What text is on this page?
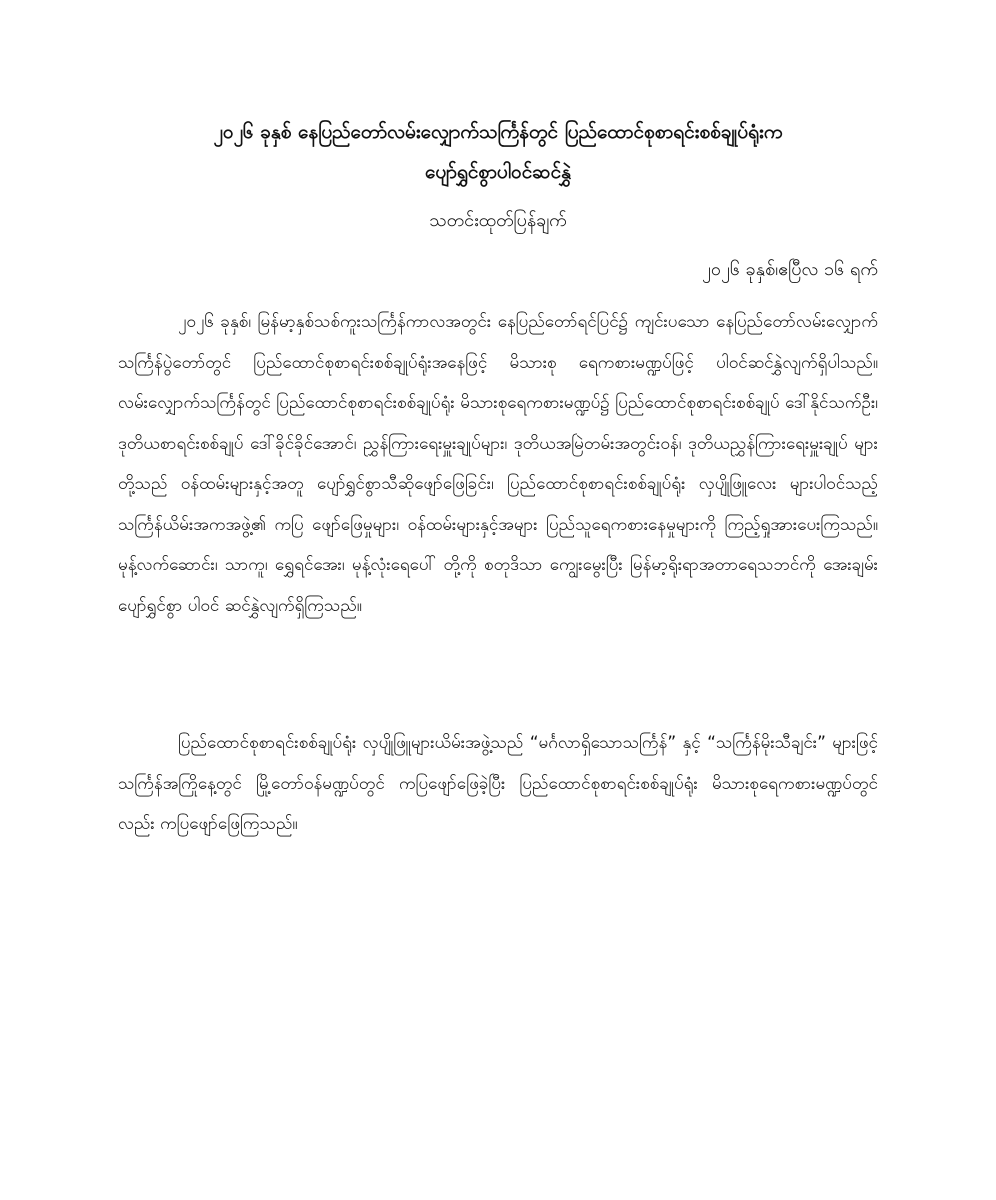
၂၀၂၆ ခုနှစ် နေပြည်တော်လမ်းလျှောက်သင်္ကြန်တွင် ပြည်ထောင်စုစာရင်းစစ်ချုပ်ရုံးက
ပျော်ရွှင်စွာပါဝင်ဆင်နွှဲ
သတင်းထုတ်ပြန်ချက်
၂၀၂၆ ခုနှစ်၊ဧပြီလ ၁၆ ရက်

၂၀၂၆ ခုနှစ်၊ မြန်မာ့နှစ်သစ်ကူးသင်္ကြန်ကာလအတွင်း နေပြည်တော်ရင်ပြင်၌ ကျင်းပသော နေပြည်တော်လမ်းလျှောက်သင်္ကြန်ပွဲတော်တွင် ပြည်ထောင်စုစာရင်းစစ်ချုပ်ရုံးအနေဖြင့် မိသားစု ရေကစားမဏ္ဍပ်ဖြင့် ပါဝင်ဆင်နွှဲလျက်ရှိပါသည်။ လမ်းလျှောက်သင်္ကြန်တွင် ပြည်ထောင်စုစာရင်းစစ်ချုပ်ရုံး မိသားစုရေကစားမဏ္ဍပ်၌ ပြည်ထောင်စုစာရင်းစစ်ချုပ် ဒေါ်နိုင်သက်ဦး၊ ဒုတိယစာရင်းစစ်ချုပ် ဒေါ်ခိုင်ခိုင်အောင်၊ ညွှန်ကြားရေးမှူးချုပ်များ၊ ဒုတိယအမြဲတမ်းအတွင်းဝန်၊ ဒုတိယညွှန်ကြားရေးမှူးချုပ် များတို့သည် ဝန်ထမ်းများနှင့်အတူ ပျော်ရွှင်စွာသီဆိုဖျော်ဖြေခြင်း၊ ပြည်ထောင်စုစာရင်းစစ်ချုပ်ရုံး လှပျိုဖြူလေး များပါဝင်သည့် သင်္ကြန်ယိမ်းအကအဖွဲ့၏ ကပြ ဖျော်ဖြေမှုများ၊ ဝန်ထမ်းများနှင့်အများ ပြည်သူရေကစားနေမှုများကို ကြည့်ရှုအားပေးကြသည်။ မုန့်လက်ဆောင်း၊ သာကူ၊ ရွှေရင်အေး၊ မုန့်လုံးရေပေါ် တို့ကို စတုဒိသာ ကျွေးမွေးပြီး မြန်မာ့ရိုးရာအတာရေသဘင်ကို အေးချမ်းပျော်ရွှင်စွာ ပါဝင် ဆင်နွှဲလျက်ရှိကြသည်။

ပြည်ထောင်စုစာရင်းစစ်ချုပ်ရုံး လှပျိုဖြူများယိမ်းအဖွဲ့သည် “မင်္ဂလာရှိသောသင်္ကြန်” နှင့် “သင်္ကြန်မိုးသီချင်း” များဖြင့် သင်္ကြန်အကြိုနေ့တွင် မြို့တော်ဝန်မဏ္ဍပ်တွင် ကပြဖျော်ဖြေခဲ့ပြီး ပြည်ထောင်စုစာရင်းစစ်ချုပ်ရုံး မိသားစုရေကစားမဏ္ဍပ်တွင်လည်း ကပြဖျော်ဖြေကြသည်။
